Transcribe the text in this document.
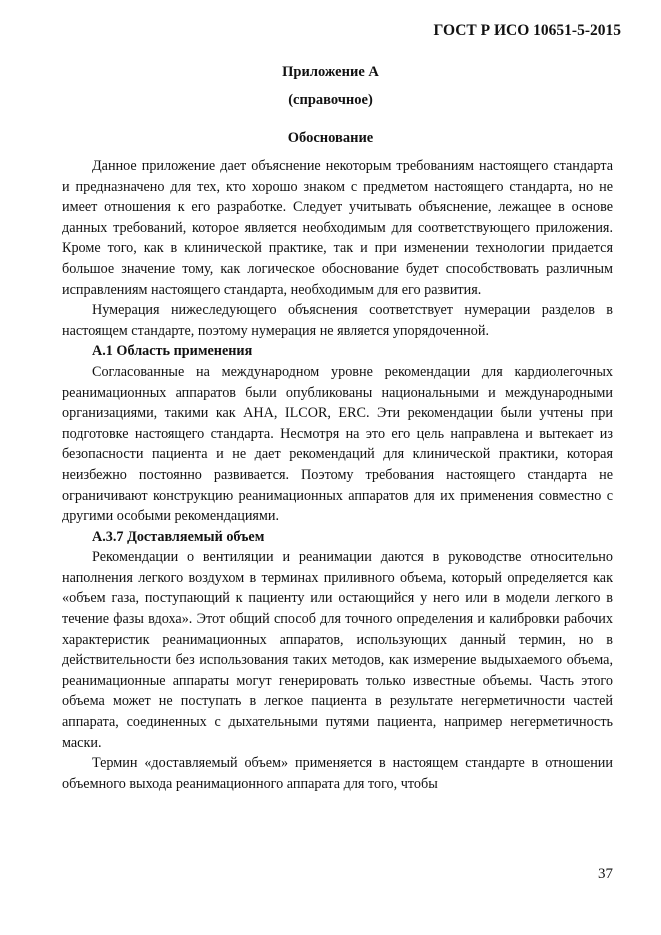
ГОСТ Р ИСО 10651-5-2015
Приложение А
(справочное)
Обоснование

Данное приложение дает объяснение некоторым требованиям настоящего стандарта и предназначено для тех, кто хорошо знаком с предметом настоящего стандарта, но не имеет отношения к его разработке. Следует учитывать объяснение, лежащее в основе данных требований, которое является необходимым для соответствующего приложения. Кроме того, как в клинической практике, так и при изменении технологии придается большое значение тому, как логическое обоснование будет способствовать различным исправлениям настоящего стандарта, необходимым для его развития.

Нумерация нижеследующего объяснения соответствует нумерации разделов в настоящем стандарте, поэтому нумерация не является упорядоченной.

А.1 Область применения

Согласованные на международном уровне рекомендации для кардиолегочных реанимационных аппаратов были опубликованы национальными и международными организациями, такими как АНА, ILCOR, ERC. Эти рекомендации были учтены при подготовке настоящего стандарта. Несмотря на это его цель направлена и вытекает из безопасности пациента и не дает рекомендаций для клинической практики, которая неизбежно постоянно развивается. Поэтому требования настоящего стандарта не ограничивают конструкцию реанимационных аппаратов для их применения совместно с другими особыми рекомендациями.

А.3.7 Доставляемый объем

Рекомендации о вентиляции и реанимации даются в руководстве относительно наполнения легкого воздухом в терминах приливного объема, который определяется как «объем газа, поступающий к пациенту или остающийся у него или в модели легкого в течение фазы вдоха». Этот общий способ для точного определения и калибровки рабочих характеристик реанимационных аппаратов, использующих данный термин, но в действительности без использования таких методов, как измерение выдыхаемого объема, реанимационные аппараты могут генерировать только известные объемы. Часть этого объема может не поступать в легкое пациента в результате негерметичности частей аппарата, соединенных с дыхательными путями пациента, например негерметичность маски.

Термин «доставляемый объем» применяется в настоящем стандарте в отношении объемного выхода реанимационного аппарата для того, чтобы

37
